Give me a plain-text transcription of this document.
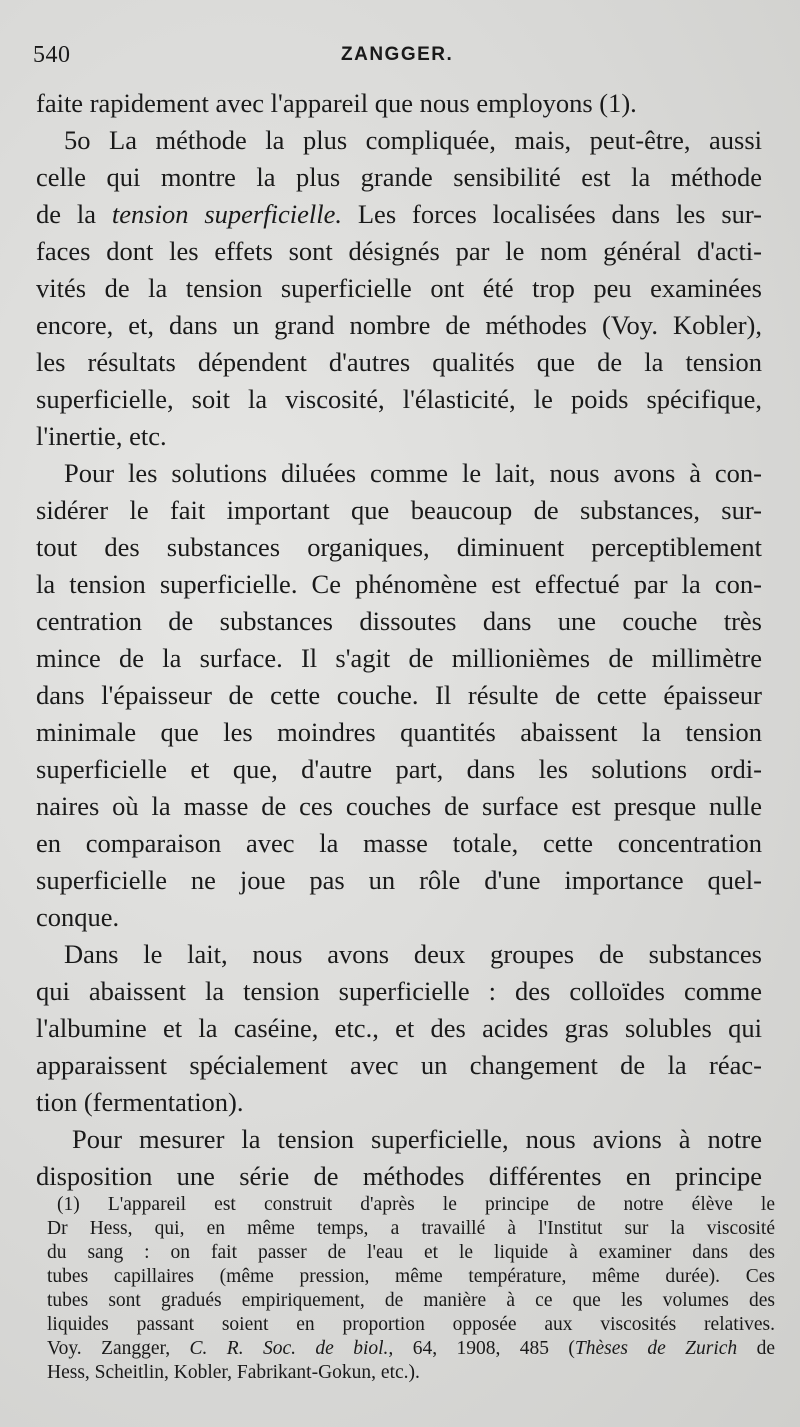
540	ZANGGER.
faite rapidement avec l'appareil que nous employons (1).
5o La méthode la plus compliquée, mais, peut-être, aussi
celle qui montre la plus grande sensibilité est la méthode
de la tension superficielle. Les forces localisées dans les sur-
faces dont les effets sont désignés par le nom général d'acti-
vités de la tension superficielle ont été trop peu examinées
encore, et, dans un grand nombre de méthodes (Voy. Kobler),
les résultats dépendent d'autres qualités que de la tension
superficielle, soit la viscosité, l'élasticité, le poids spécifique,
l'inertie, etc.
Pour les solutions diluées comme le lait, nous avons à con-
sidérer le fait important que beaucoup de substances, sur-
tout des substances organiques, diminuent perceptiblement
la tension superficielle. Ce phénomène est effectué par la con-
centration de substances dissoutes dans une couche très
mince de la surface. Il s'agit de millionièmes de millimètre
dans l'épaisseur de cette couche. Il résulte de cette épaisseur
minimale que les moindres quantités abaissent la tension
superficielle et que, d'autre part, dans les solutions ordi-
naires où la masse de ces couches de surface est presque nulle
en comparaison avec la masse totale, cette concentration
superficielle ne joue pas un rôle d'une importance quel-
conque.
Dans le lait, nous avons deux groupes de substances
qui abaissent la tension superficielle : des colloïdes comme
l'albumine et la caséine, etc., et des acides gras solubles qui
apparaissent spécialement avec un changement de la réac-
tion (fermentation).
Pour mesurer la tension superficielle, nous avions à notre
disposition une série de méthodes différentes en principe
(1) L'appareil est construit d'après le principe de notre élève le
Dr Hess, qui, en même temps, a travaillé à l'Institut sur la viscosité
du sang : on fait passer de l'eau et le liquide à examiner dans des
tubes capillaires (même pression, même température, même durée). Ces
tubes sont gradués empiriquement, de manière à ce que les volumes des
liquides passant soient en proportion opposée aux viscosités relatives.
Voy. Zangger, C. R. Soc. de biol., 64, 1908, 485 (Thèses de Zurich de
Hess, Scheitlin, Kobler, Fabrikant-Gokun, etc.).
